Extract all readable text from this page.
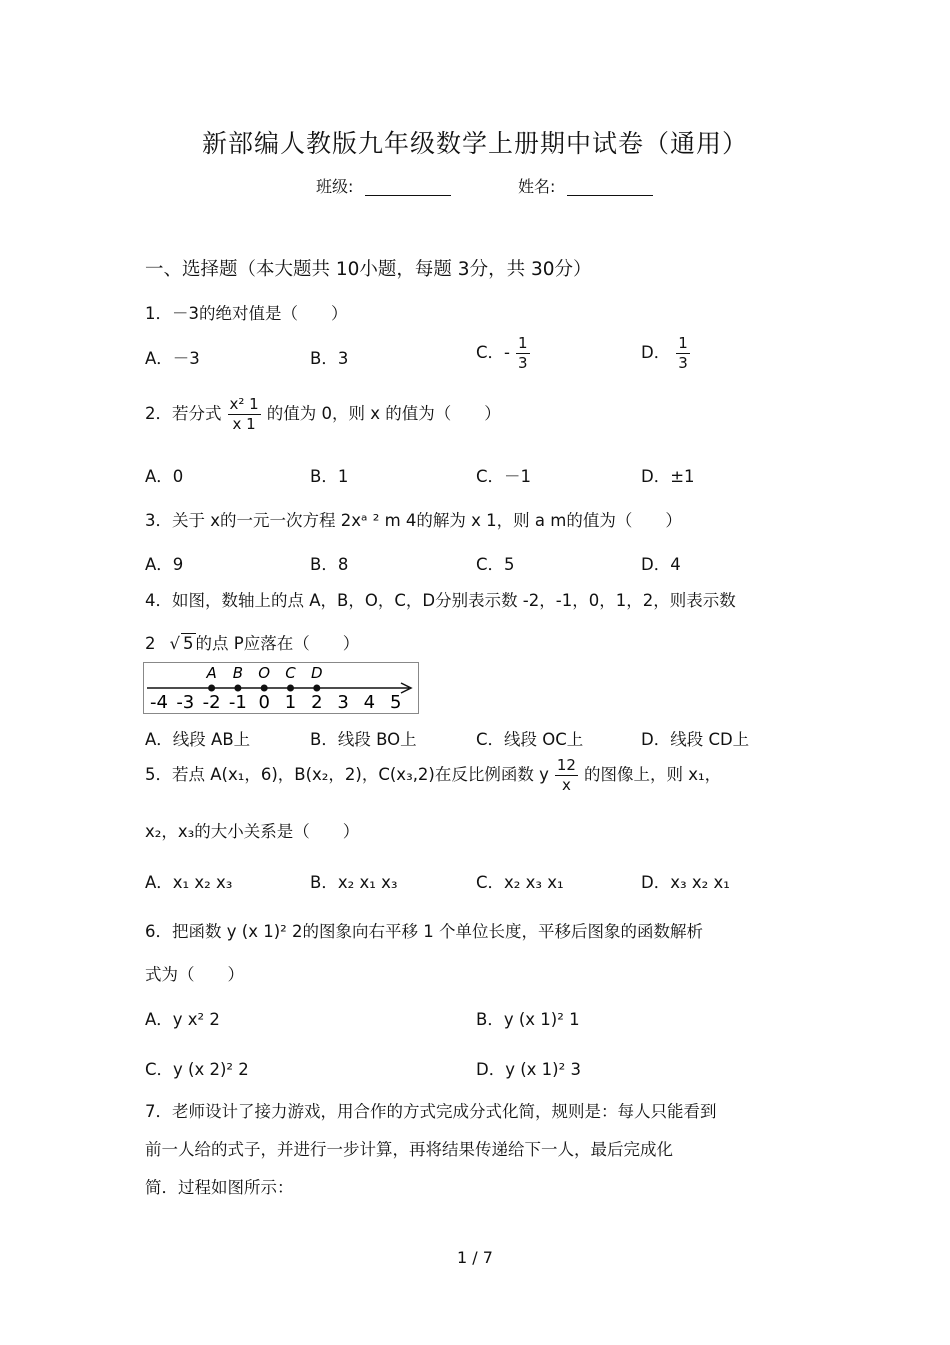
新部编人教版九年级数学上册期中试卷（通用）
班级:	姓名:
一、选择题（本大题共 10小题，每题 3分，共 30分）
1．－3的绝对值是（　　）
A．－3	B．3	C．- $\frac{1}{3}$	D． $\frac{1}{3}$
2．若分式 $\frac{\text{x² 1}}{x 1}$ 的值为 0，则 x 的值为（　　）
A．0	B．1	C．－1	D．±1
3．关于 x的一元一次方程 2xᵃ ² m 4的解为 x 1，则 a m的值为（　　）
A．9	B．8	C．5	D．4
4．如图，数轴上的点 A，B，O，C，D分别表示数 -2，-1，0，1，2，则表示数
2 √ 5 的点 P应落在（　　）
-4 -3 -2 -1 0 1 2 3 4 5
A B O C D
A．线段 AB上	B．线段 BO上	C．线段 OC上	D．线段 CD上
5．若点 A(x₁，6)，B(x₂，2)，C(x₃,2)在反比例函数 y $\frac{12}{x}$ 的图像上，则 x₁，
x₂，x₃的大小关系是（　　）
A．x₁ x₂ x₃	B．x₂ x₁ x₃	C．x₂ x₃ x₁	D．x₃ x₂ x₁
6．把函数 y (x 1)² 2的图象向右平移 1 个单位长度，平移后图象的函数解析
式为（　　）
A．y x² 2	B．y (x 1)² 1
C．y (x 2)² 2	D．y (x 1)² 3
7．老师设计了接力游戏，用合作的方式完成分式化简，规则是：每人只能看到
前一人给的式子，并进行一步计算，再将结果传递给下一人，最后完成化
简．过程如图所示：
1 / 7
